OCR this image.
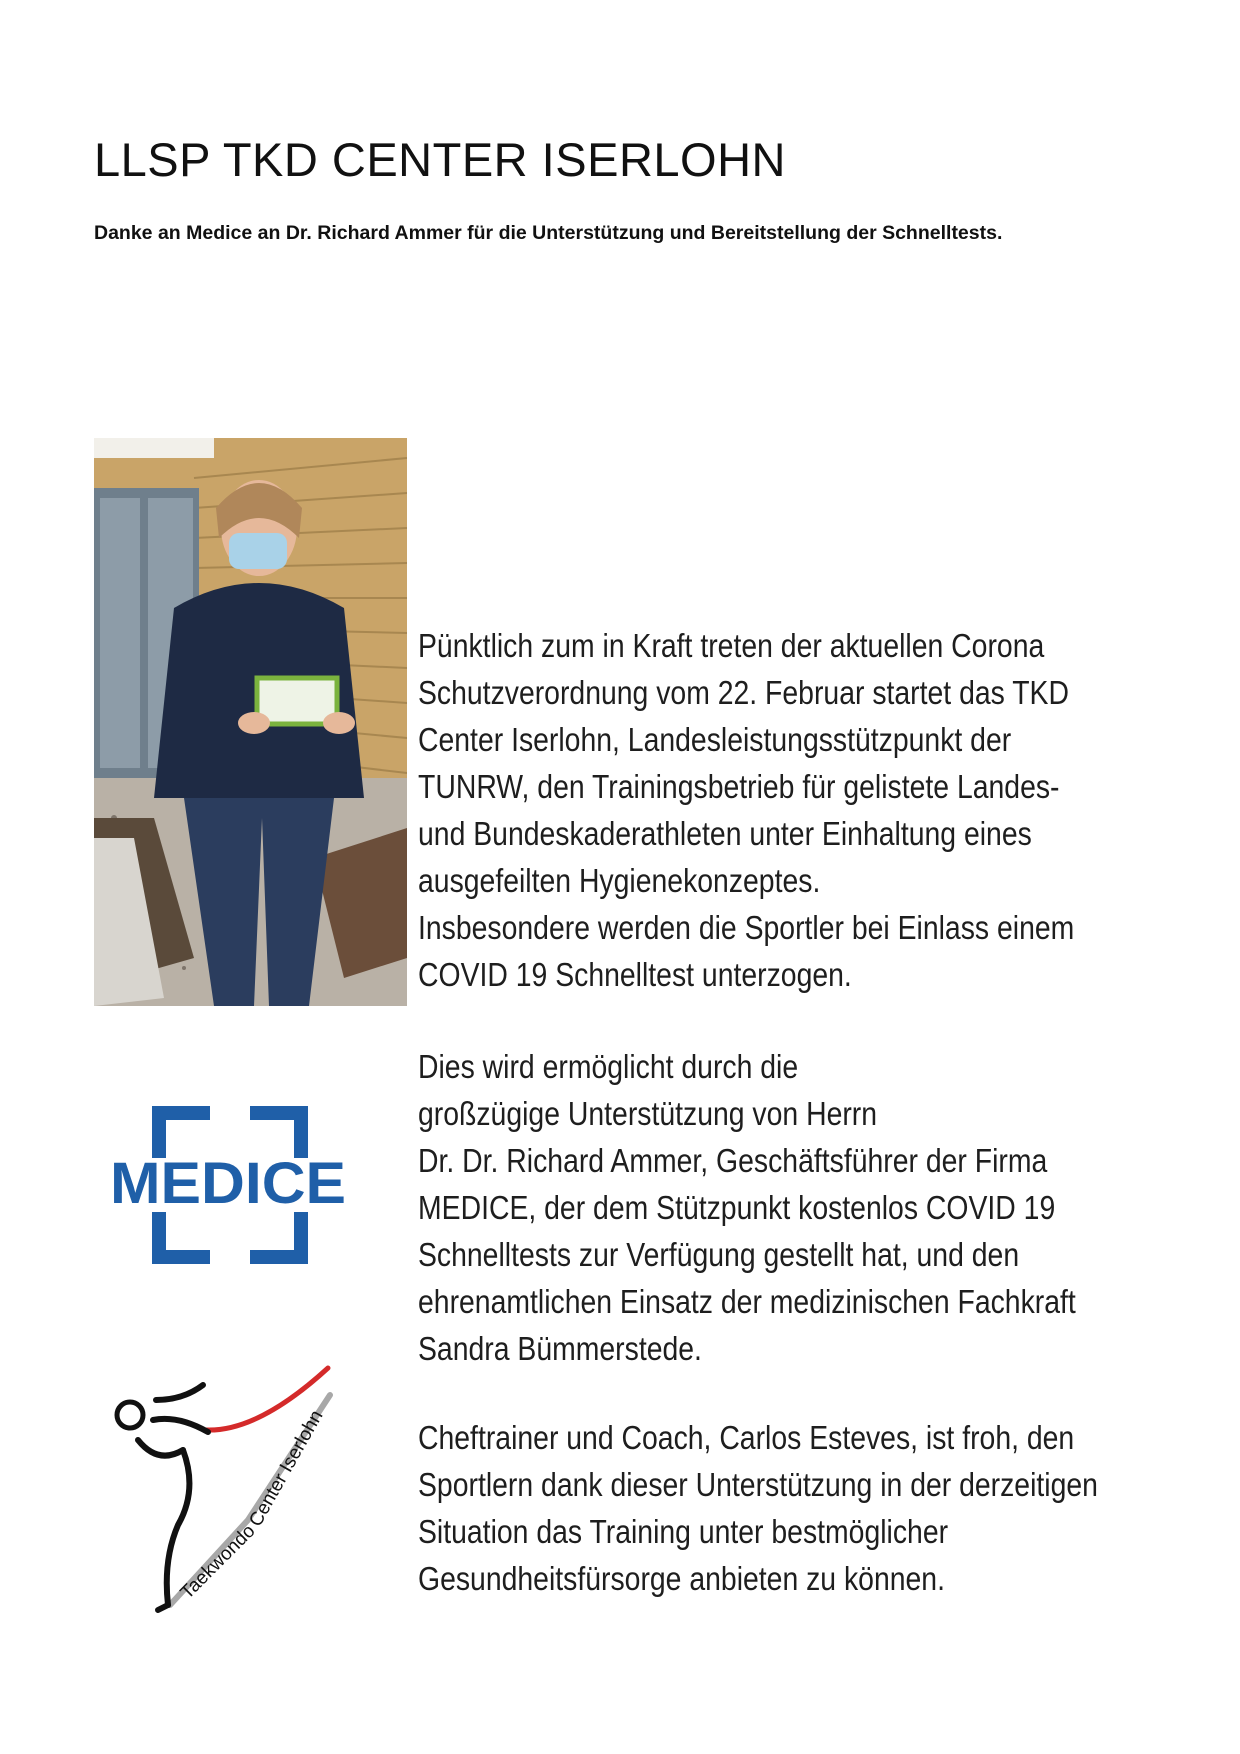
LLSP TKD CENTER ISERLOHN

Danke an Medice an Dr. Richard Ammer für die Unterstützung und Bereitstellung der Schnelltests.

MEDICE
Taekwondo Center Iserlohn

Pünktlich zum in Kraft treten der aktuellen Corona
Schutzverordnung vom 22. Februar startet das TKD
Center Iserlohn, Landesleistungsstützpunkt der
TUNRW, den Trainingsbetrieb für gelistete Landes-
und Bundeskaderathleten unter Einhaltung eines
ausgefeilten Hygienekonzeptes.
Insbesondere werden die Sportler bei Einlass einem
COVID 19 Schnelltest unterzogen.

Dies wird ermöglicht durch die
großzügige Unterstützung von Herrn
Dr. Dr. Richard Ammer, Geschäftsführer der Firma
MEDICE, der dem Stützpunkt kostenlos COVID 19
Schnelltests zur Verfügung gestellt hat, und den
ehrenamtlichen Einsatz der medizinischen Fachkraft
Sandra Bümmerstede.

Cheftrainer und Coach, Carlos Esteves, ist froh, den
Sportlern dank dieser Unterstützung in der derzeitigen
Situation das Training unter bestmöglicher
Gesundheitsfürsorge anbieten zu können.
